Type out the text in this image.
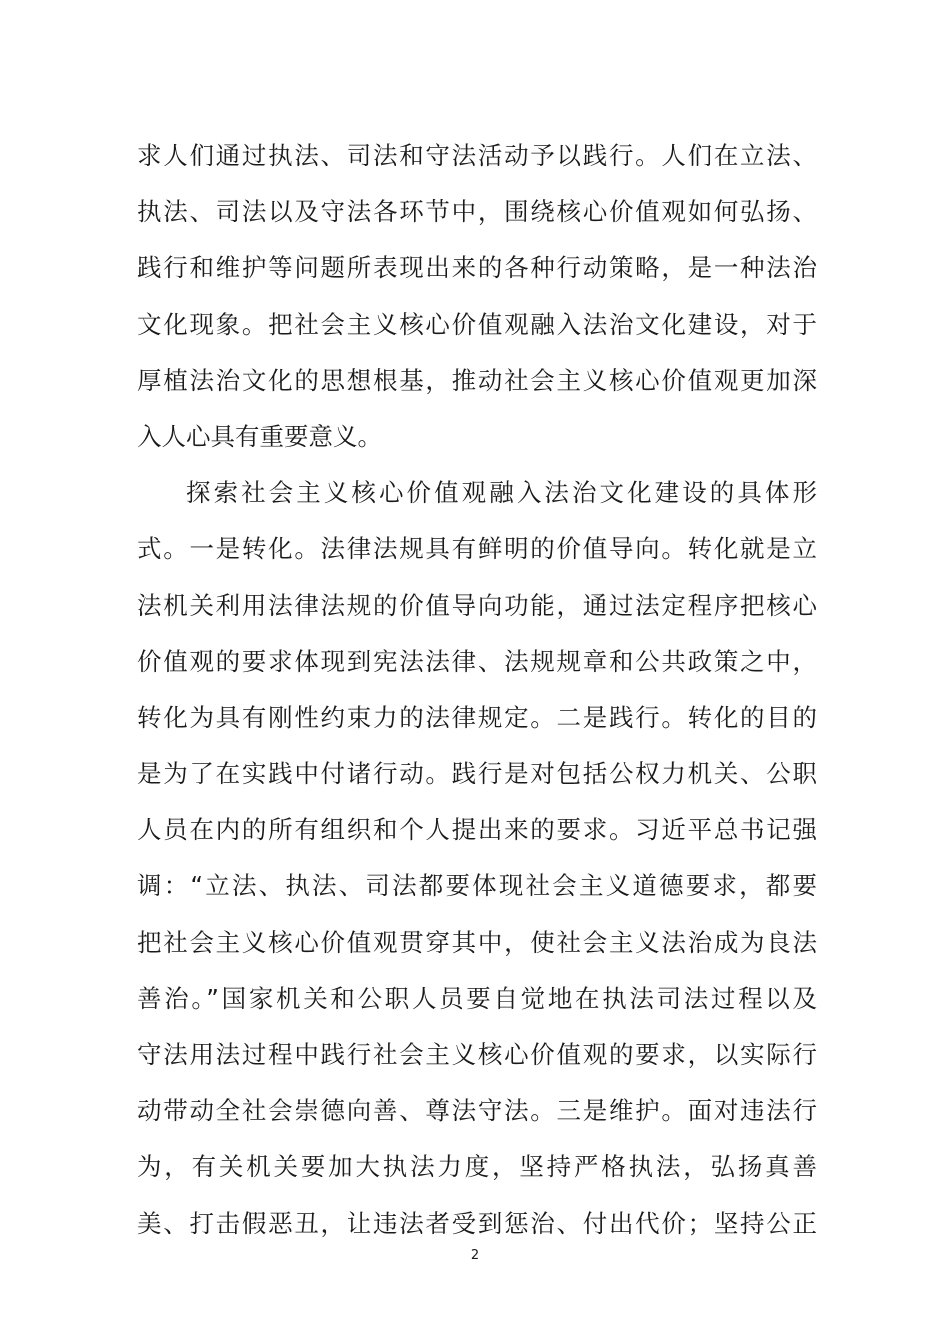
求人们通过执法、司法和守法活动予以践行。人们在立法、
执法、司法以及守法各环节中，围绕核心价值观如何弘扬、
践行和维护等问题所表现出来的各种行动策略，是一种法治
文化现象。把社会主义核心价值观融入法治文化建设，对于
厚植法治文化的思想根基，推动社会主义核心价值观更加深
入人心具有重要意义。
探索社会主义核心价值观融入法治文化建设的具体形
式。一是转化。法律法规具有鲜明的价值导向。转化就是立
法机关利用法律法规的价值导向功能，通过法定程序把核心
价值观的要求体现到宪法法律、法规规章和公共政策之中，
转化为具有刚性约束力的法律规定。二是践行。转化的目的
是为了在实践中付诸行动。践行是对包括公权力机关、公职
人员在内的所有组织和个人提出来的要求。习近平总书记强
调：“立法、执法、司法都要体现社会主义道德要求，都要
把社会主义核心价值观贯穿其中，使社会主义法治成为良法
善治。”国家机关和公职人员要自觉地在执法司法过程以及
守法用法过程中践行社会主义核心价值观的要求，以实际行
动带动全社会崇德向善、尊法守法。三是维护。面对违法行
为，有关机关要加大执法力度，坚持严格执法，弘扬真善
美、打击假恶丑，让违法者受到惩治、付出代价；坚持公正
2
